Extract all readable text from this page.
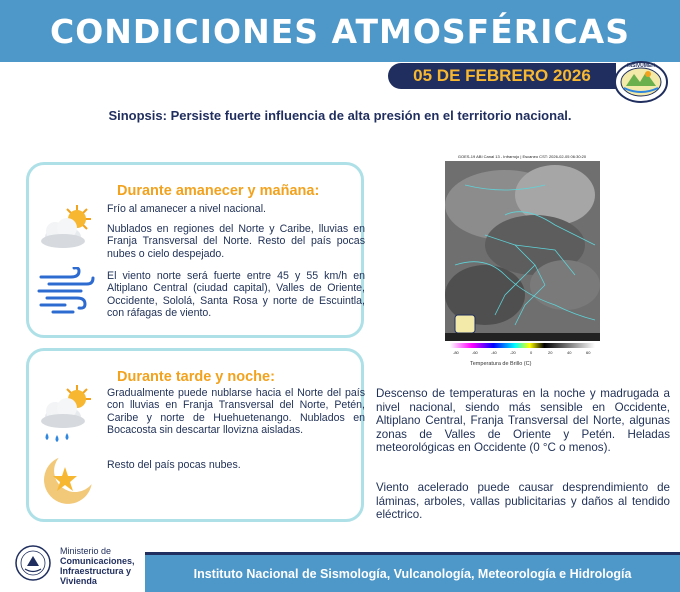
CONDICIONES ATMOSFÉRICAS
05 DE FEBRERO 2026	INSIVUMEH
Sinopsis: Persiste fuerte influencia de alta presión en el territorio nacional.
Durante amanecer y mañana:
Frío al amanecer a nivel nacional.
Nublados en regiones del Norte y Caribe, lluvias en Franja Transversal del Norte. Resto del país pocas nubes o cielo despejado.
El viento norte será fuerte entre 45 y 55 km/h en Altiplano Central (ciudad capital), Valles de Oriente, Occidente, Sololá, Santa Rosa y norte de Escuintla, con ráfagas de viento.
Durante tarde y noche:
Gradualmente puede nublarse hacia el Norte del país con lluvias en Franja Transversal del Norte, Petén, Caribe y norte de Huehuetenango. Nublados en Bocacosta sin descartar llovizna aisladas.
Resto del país pocas nubes.
GOES-19 ABI Canal 13 - Infrarrojo | Escaneo CST: 2026-02-05 06:30:20
-80	-60	-40	-20	0	20	40	60
Temperatura de Brillo (C)
Descenso de temperaturas en la noche y madrugada a nivel nacional, siendo más sensible en Occidente, Altiplano Central, Franja Transversal del Norte, algunas zonas de Valles de Oriente y Petén. Heladas meteorológicas en Occidente (0 °C o menos).
Viento acelerado puede causar desprendimiento de láminas, arboles, vallas publicitarias y daños al tendido eléctrico.
Ministerio de
Comunicaciones,
Infraestructura y
Vivienda
Instituto Nacional de Sismología, Vulcanología, Meteorología e Hidrología
